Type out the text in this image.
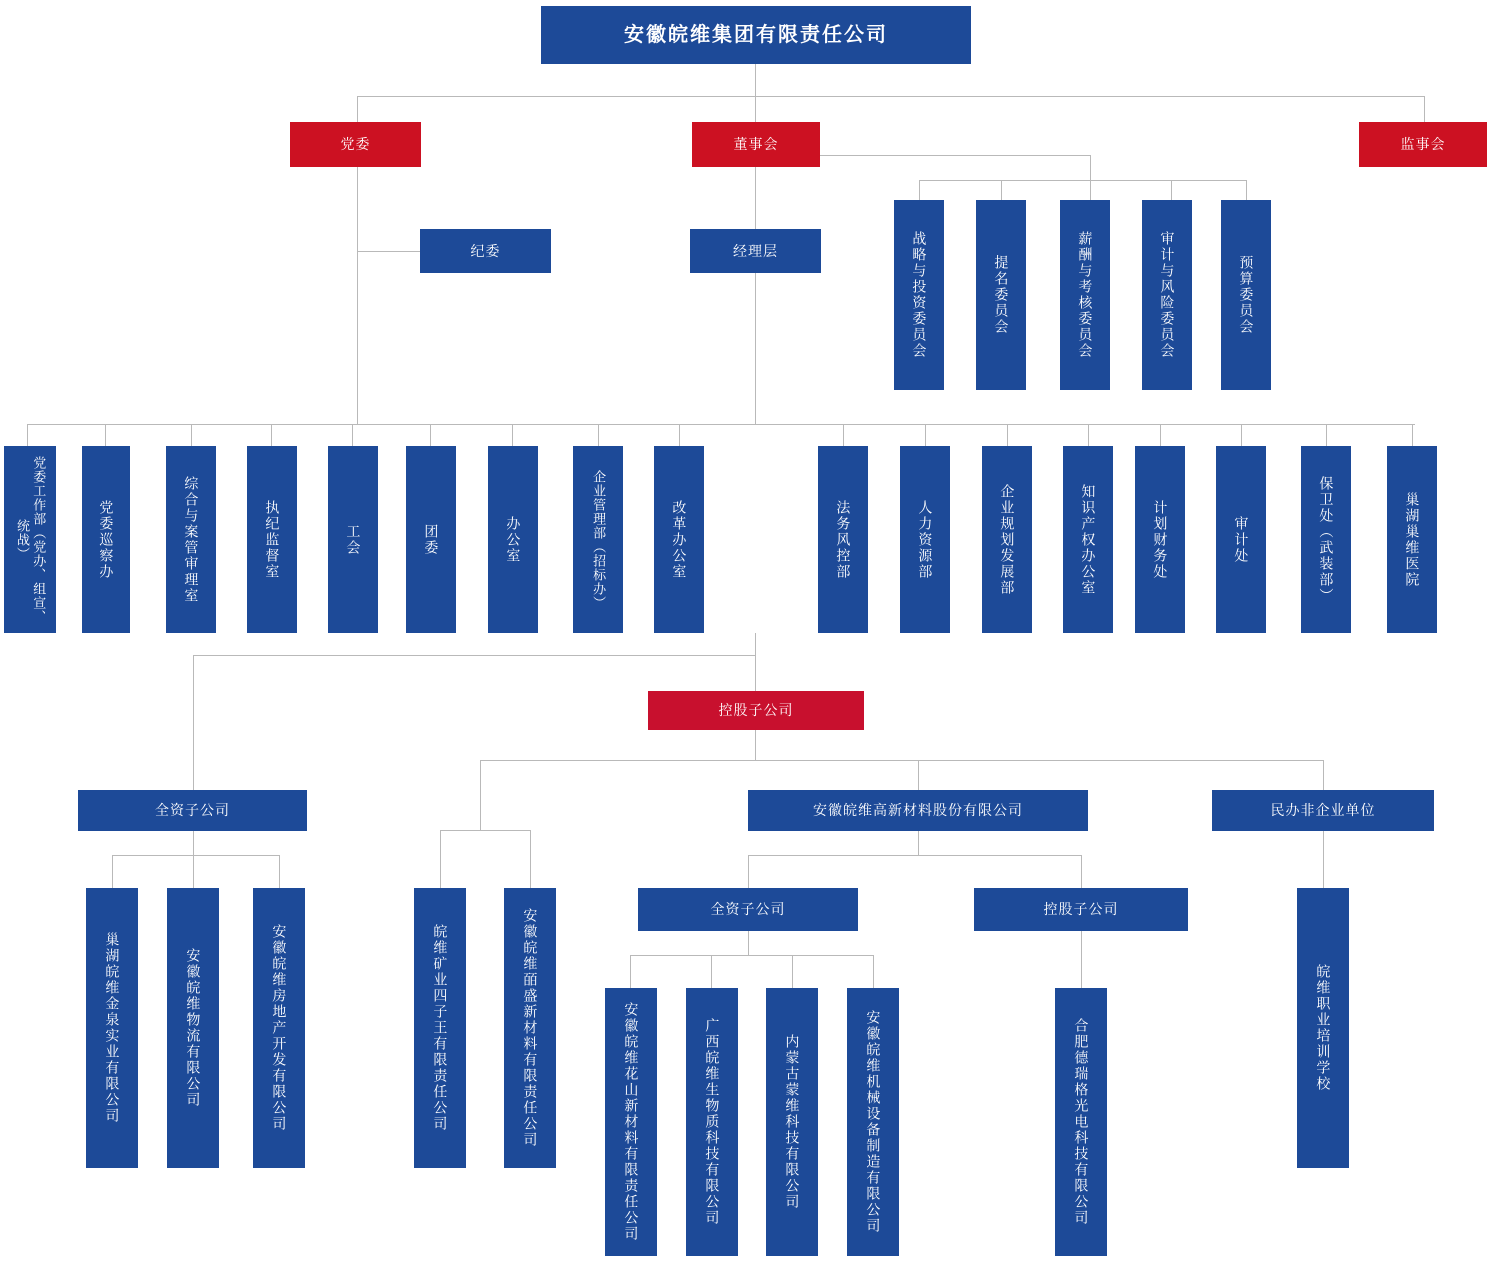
安徽皖维集团有限责任公司
党委	董事会	监事会
纪委	经理层	战略与投资委员会	提名委员会	薪酬与考核委员会	审计与风险委员会	预算委员会
党委工作部（党办、组宣、统战）	党委巡察办	综合与案管审理室	执纪监督室	工会	团委	办公室	企业管理部（招标办）	改革办公室	法务风控部	人力资源部	企业规划发展部	知识产权办公室	计划财务处	审计处	保卫处（武装部）	巢湖巢维医院
控股子公司
全资子公司	安徽皖维高新材料股份有限公司	民办非企业单位
巢湖皖维金泉实业有限公司	安徽皖维物流有限公司	安徽皖维房地产开发有限公司	皖维矿业四子王有限责任公司	安徽皖维皕盛新材料有限责任公司	全资子公司	控股子公司
安徽皖维花山新材料有限责任公司	广西皖维生物质科技有限公司	内蒙古蒙维科技有限公司	安徽皖维机械设备制造有限公司	合肥德瑞格光电科技有限公司	皖维职业培训学校
